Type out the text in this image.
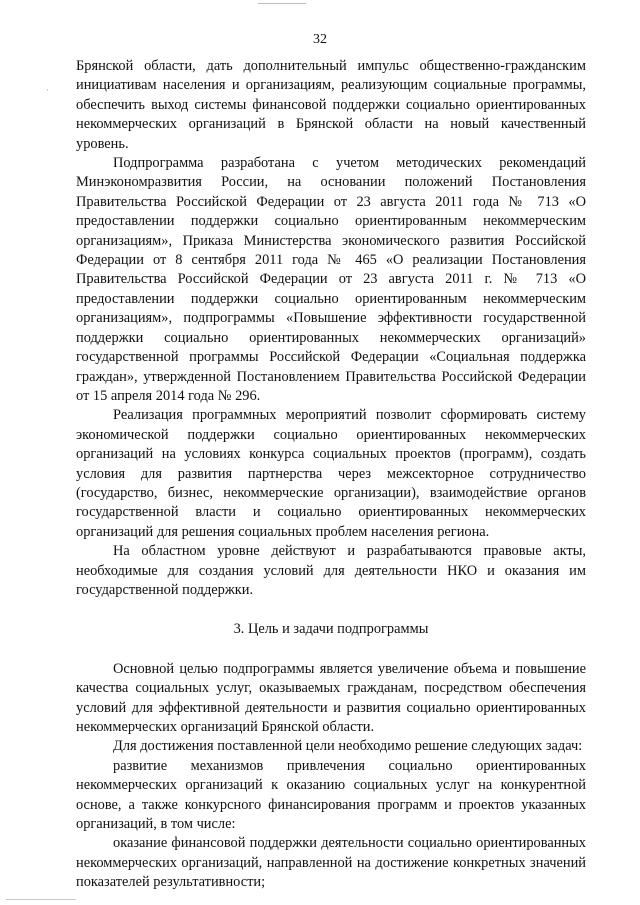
32
·

Брянской области, дать дополнительный импульс общественно-гражданским инициативам населения и организациям, реализующим социальные программы, обеспечить выход системы финансовой поддержки социально ориентированных некоммерческих организаций в Брянской области на новый качественный уровень.

Подпрограмма разработана с учетом методических рекомендаций Минэкономразвития России, на основании положений Постановления Правительства Российской Федерации от 23 августа 2011 года № 713 «О предоставлении поддержки социально ориентированным некоммерческим организациям», Приказа Министерства экономического развития Российской Федерации от 8 сентября 2011 года № 465 «О реализации Постановления Правительства Российской Федерации от 23 августа 2011 г. № 713 «О предоставлении поддержки социально ориентированным некоммерческим организациям», подпрограммы «Повышение эффективности государственной поддержки социально ориентированных некоммерческих организаций» государственной программы Российской Федерации «Социальная поддержка граждан», утвержденной Постановлением Правительства Российской Федерации от 15 апреля 2014 года № 296.

Реализация программных мероприятий позволит сформировать систему экономической поддержки социально ориентированных некоммерческих организаций на условиях конкурса социальных проектов (программ), создать условия для развития партнерства через межсекторное сотрудничество (государство, бизнес, некоммерческие организации), взаимодействие органов государственной власти и социально ориентированных некоммерческих организаций для решения социальных проблем населения региона.

На областном уровне действуют и разрабатываются правовые акты, необходимые для создания условий для деятельности НКО и оказания им государственной поддержки.

3. Цель и задачи подпрограммы

Основной целью подпрограммы является увеличение объема и повышение качества социальных услуг, оказываемых гражданам, посредством обеспечения условий для эффективной деятельности и развития социально ориентированных некоммерческих организаций Брянской области.

Для достижения поставленной цели необходимо решение следующих задач:

развитие механизмов привлечения социально ориентированных некоммерческих организаций к оказанию социальных услуг на конкурентной основе, а также конкурсного финансирования программ и проектов указанных организаций, в том числе:

оказание финансовой поддержки деятельности социально ориентированных некоммерческих организаций, направленной на достижение конкретных значений показателей результативности;
